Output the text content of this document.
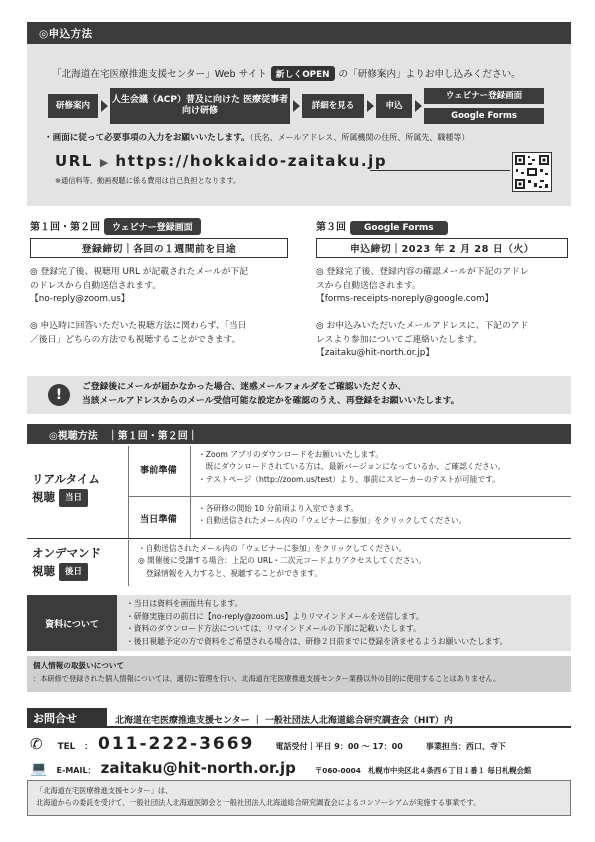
◎申込方法
「北海道在宅医療推進支援センター」Web サイト 新しくOPEN の「研修案内」よりお申し込みください。
研修案内
人生会議（ACP）普及に向けた 医療従事者向け研修
詳細を見る	申込
ウェビナー登録画面
Google Forms
・画面に従って必要事項の入力をお願いいたします。（氏名、メールアドレス、所属機関の住所、所属先、職種等）
URL ▶ https://hokkaido-zaitaku.jp
※通信料等、動画視聴に係る費用は自己負担となります。
第１回・第２回 ウェビナー登録画面
登録締切｜各回の１週間前を目途
◎ 登録完了後、視聴用 URL が記載されたメールが下記
のドレスから自動送信されます。
【no-reply@zoom.us】
◎ 申込時に回答いただいた視聴方法に関わらず、「当日
／後日」どちらの方法でも視聴することができます。
第３回 Google Forms
申込締切｜2023 年 2 月 28 日（火）
◎ 登録完了後、登録内容の確認メールが下記のアドレ
スから自動送信されます。
【forms-receipts-noreply@google.com】
◎ お申込みいただいたメールアドレスに、下記のアド
レスより参加についてご連絡いたします。
【zaitaku@hit-north.or.jp】
!	ご登録後にメールが届かなかった場合、迷惑メールフォルダをご確認いただくか、
当該メールアドレスからのメール受信可能な設定かを確認のうえ、再登録をお願いいたします。
◎視聴方法　｜第１回・第２回｜
リアルタイム
視聴 当日
事前準備
・Zoom アプリのダウンロードをお願いいたします。
　既にダウンロードされている方は、最新バージョンになっているか、ご確認ください。
・テストページ（http://zoom.us/test）より、事前にスピーカーのテストが可能です。
当日準備
・各研修の開始 10 分前頃より入室できます。
・自動送信されたメール内の「ウェビナーに参加」をクリックしてください。
オンデマンド
視聴 後日
・自動送信されたメール内の「ウェビナーに参加」をクリックしてください。
◎ 開催後に受講する場合：上記の URL・二次元コードよりアクセスしてください。
　登録情報を入力すると、視聴することができます。
資料について
・当日は資料を画面共有します。
・研修実施日の前日に【no-reply@zoom.us】よりリマインドメールを送信します。
・資料のダウンロード方法については、リマインドメールの下部に記載いたします。
・後日視聴予定の方で資料をご希望される場合は、研修２日前までに登録を済ませるようお願いいたします。
個人情報の取扱いについて
：本研修で登録された個人情報については、適切に管理を行い、北海道在宅医療推進支援センター業務以外の目的に使用することはありません。
お問合せ	北海道在宅医療推進支援センター ｜ 一般社団法人北海道総合研究調査会（HIT）内
✆ TEL　： 011-222-3669	電話受付｜平日 9：00 〜 17：00	事業担当：西口、寺下
💻 E-MAIL： zaitaku@hit-north.or.jp	〒060-0004　札幌市中央区北４条西６丁目１番１ 毎日札幌会館
「北海道在宅医療推進支援センター」は、
北海道からの委託を受けて、一般社団法人北海道医師会と一般社団法人北海道総合研究調査会によるコンソーシアムが実施する事業です。
